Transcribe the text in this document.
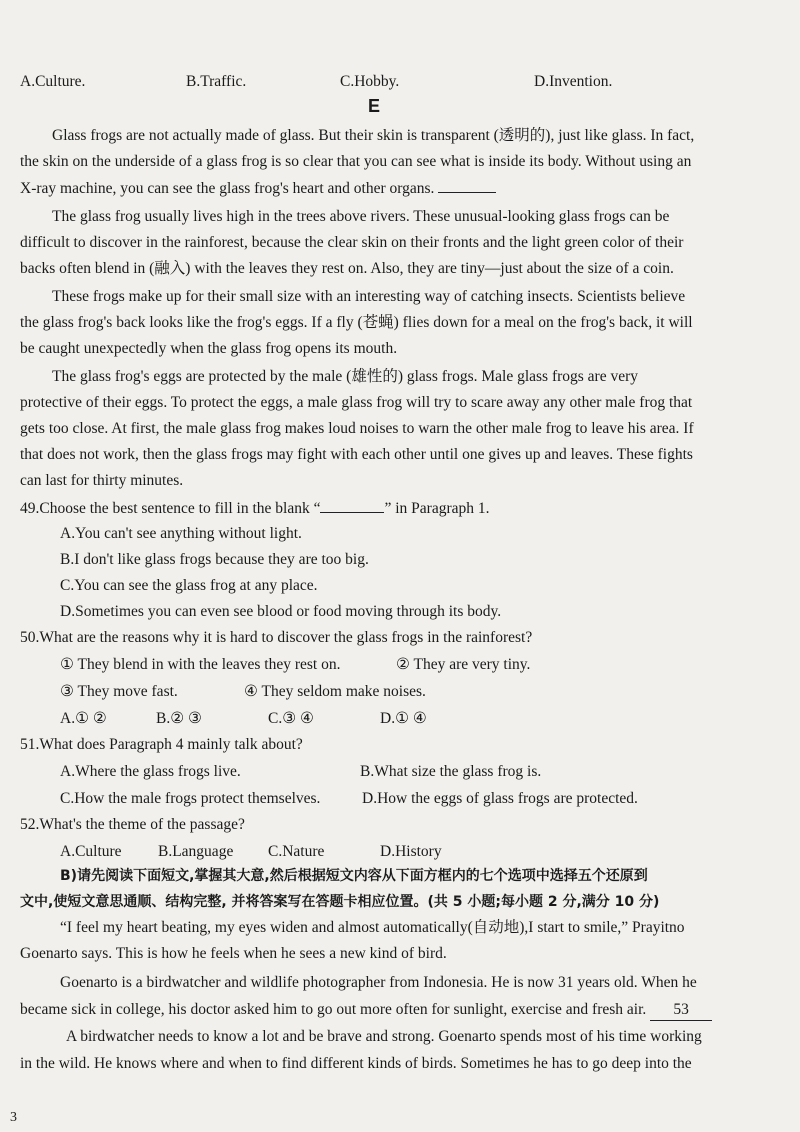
A.Culture.	B.Traffic.	C.Hobby.	D.Invention.
E
Glass frogs are not actually made of glass. But their skin is transparent (透明的), just like glass. In fact,
the skin on the underside of a glass frog is so clear that you can see what is inside its body. Without using an
X-ray machine, you can see the glass frog's heart and other organs.
The glass frog usually lives high in the trees above rivers. These unusual-looking glass frogs can be
difficult to discover in the rainforest, because the clear skin on their fronts and the light green color of their
backs often blend in (融入) with the leaves they rest on. Also, they are tiny—just about the size of a coin.
These frogs make up for their small size with an interesting way of catching insects. Scientists believe
the glass frog's back looks like the frog's eggs. If a fly (苍蝇) flies down for a meal on the frog's back, it will
be caught unexpectedly when the glass frog opens its mouth.
The glass frog's eggs are protected by the male (雄性的) glass frogs. Male glass frogs are very
protective of their eggs. To protect the eggs, a male glass frog will try to scare away any other male frog that
gets too close. At first, the male glass frog makes loud noises to warn the other male frog to leave his area. If
that does not work, then the glass frogs may fight with each other until one gives up and leaves. These fights
can last for thirty minutes.
49.Choose the best sentence to fill in the blank “	” in Paragraph 1.
A.You can't see anything without light.
B.I don't like glass frogs because they are too big.
C.You can see the glass frog at any place.
D.Sometimes you can even see blood or food moving through its body.
50.What are the reasons why it is hard to discover the glass frogs in the rainforest?
① They blend in with the leaves they rest on.	② They are very tiny.
③ They move fast.	④ They seldom make noises.
A.① ②	B.② ③	C.③ ④	D.① ④
51.What does Paragraph 4 mainly talk about?
A.Where the glass frogs live.	B.What size the glass frog is.
C.How the male frogs protect themselves.	D.How the eggs of glass frogs are protected.
52.What's the theme of the passage?
A.Culture B.Language C.Nature	D.History
B)请先阅读下面短文,掌握其大意,然后根据短文内容从下面方框内的七个选项中选择五个还原到
文中,使短文意思通顺、结构完整, 并将答案写在答题卡相应位置。(共 5 小题;每小题 2 分,满分 10 分)
“I feel my heart beating, my eyes widen and almost automatically(自动地),I start to smile,” Prayitno
Goenarto says. This is how he feels when he sees a new kind of bird.
Goenarto is a birdwatcher and wildlife photographer from Indonesia. He is now 31 years old. When he
became sick in college, his doctor asked him to go out more often for sunlight, exercise and fresh air. 53
A birdwatcher needs to know a lot and be brave and strong. Goenarto spends most of his time working
in the wild. He knows where and when to find different kinds of birds. Sometimes he has to go deep into the
3
